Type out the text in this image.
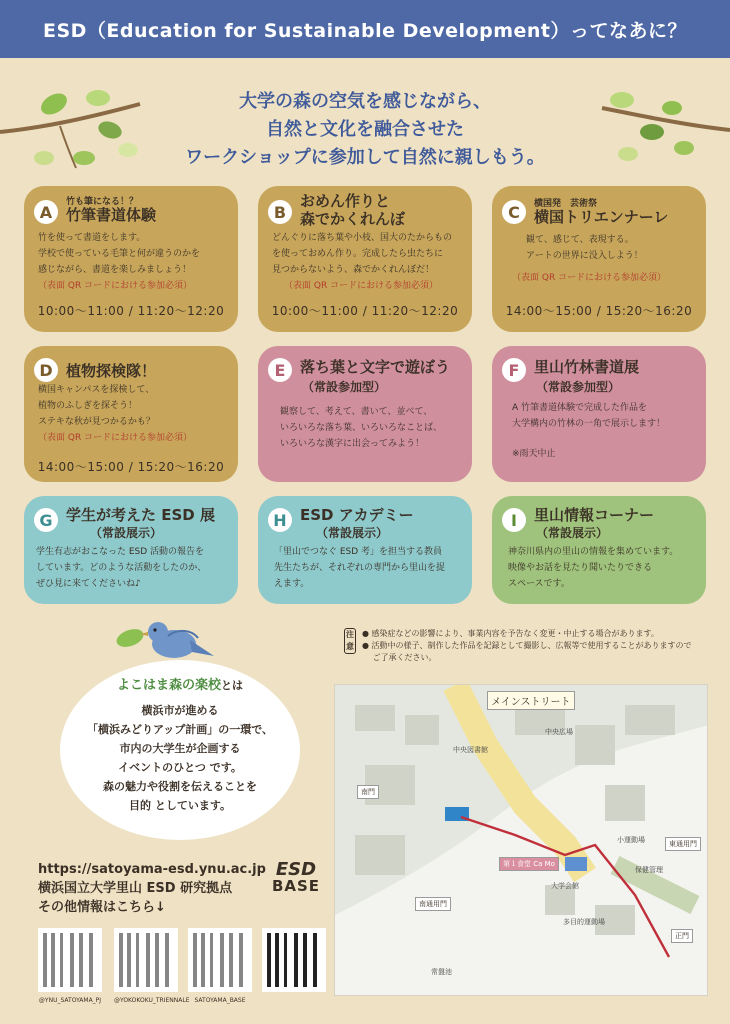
ESD（Education for Sustainable Development）ってなあに？
大学の森の空気を感じながら、
自然と文化を融合させた
ワークショップに参加して自然に親しもう。
A
竹も筆になる！？
竹筆書道体験
竹を使って書道をします。
学校で使っている毛筆と何が違うのかを
感じながら、書道を楽しみましょう！
（表面 QR コードにおける参加必須）
10:00〜11:00 / 11:20〜12:20
B
おめん作りと
森でかくれんぼ
どんぐりに落ち葉や小枝、国大のたからもの
を使っておめん作り。完成したら虫たちに
見つからないよう、森でかくれんぼだ！
（表面 QR コードにおける参加必須）
10:00〜11:00 / 11:20〜12:20
C	横国発　芸術祭
横国トリエンナーレ
観て、感じて、表現する。
アートの世界に没入しよう！
（表面 QR コードにおける参加必須）
14:00〜15:00 / 15:20〜16:20
D 植物探検隊！
横国キャンパスを探検して、
植物のふしぎを探そう！
ステキな秋が見つかるかも？
（表面 QR コードにおける参加必須）
14:00〜15:00 / 15:20〜16:20
E 落ち葉と文字で遊ぼう
（常設参加型）
観察して、考えて、書いて、並べて、
いろいろな落ち葉、いろいろなことば、
いろいろな漢字に出会ってみよう！
F 里山竹林書道展
（常設参加型）
A 竹筆書道体験で完成した作品を
大学構内の竹林の一角で展示します！
※雨天中止
G 学生が考えた ESD 展
（常設展示）
学生有志がおこなった ESD 活動の報告を
しています。どのような活動をしたのか、
ぜひ見に来てくださいね♪
H ESD アカデミー
（常設展示）
「里山でつなぐ ESD 考」を担当する教員
先生たちが、それぞれの専門から里山を捉
えます。
I	里山情報コーナー
（常設展示）
神奈川県内の里山の情報を集めています。
映像やお話を見たり聞いたりできる
スペースです。
注意
● 感染症などの影響により、事業内容を予告なく変更・中止する場合があります。
● 活動中の様子、制作した作品を記録として撮影し、広報等で使用することがありますので
　 ご了承ください。
よこはま森の楽校とは
横浜市が進める
「横浜みどりアップ計画」の一環で、
市内の大学生が企画する
イベントのひとつ です。
森の魅力や役割を伝えることを
目的 としています。
https://satoyama-esd.ynu.ac.jp
横浜国立大学里山 ESD 研究拠点
その他情報はこちら↓
ESD
BASE
@YNU_SATOYAMA_PJ @YOKOKOKU_TRIENNALE SATOYAMA_BASE
メインストリート
中央図書館
中央広場
南門
東通用門
南通用門
正門
第１食堂 Ca Mo
大学会館
多目的運動場
小運動場
保健管理
常盤池
